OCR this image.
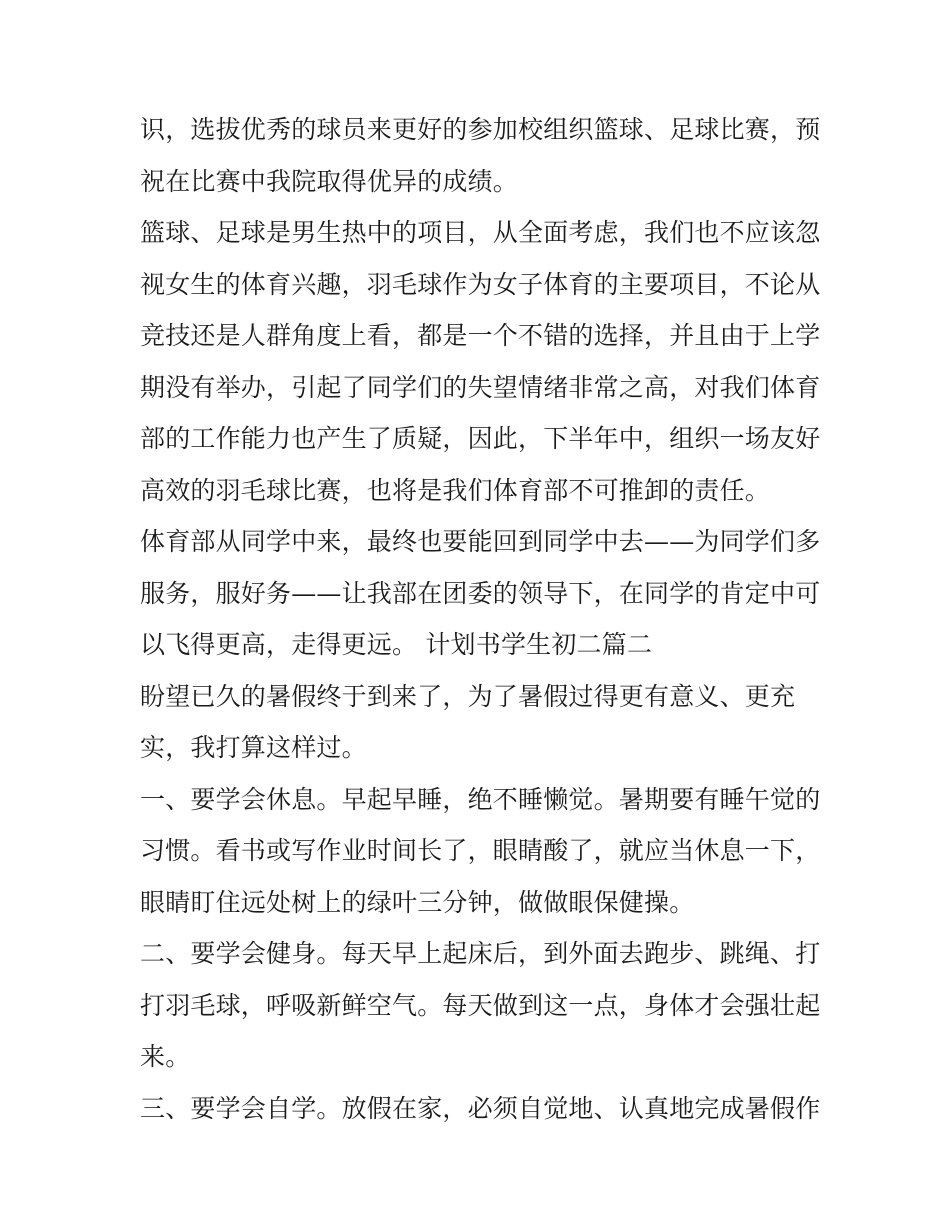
识，选拔优秀的球员来更好的参加校组织篮球、足球比赛，预
祝在比赛中我院取得优异的成绩。
篮球、足球是男生热中的项目，从全面考虑，我们也不应该忽
视女生的体育兴趣，羽毛球作为女子体育的主要项目，不论从
竞技还是人群角度上看，都是一个不错的选择，并且由于上学
期没有举办，引起了同学们的失望情绪非常之高，对我们体育
部的工作能力也产生了质疑，因此，下半年中，组织一场友好
高效的羽毛球比赛，也将是我们体育部不可推卸的责任。
体育部从同学中来，最终也要能回到同学中去——为同学们多
服务，服好务——让我部在团委的领导下，在同学的肯定中可
以飞得更高，走得更远。 计划书学生初二篇二
盼望已久的暑假终于到来了，为了暑假过得更有意义、更充
实，我打算这样过。
一、要学会休息。早起早睡，绝不睡懒觉。暑期要有睡午觉的
习惯。看书或写作业时间长了，眼睛酸了，就应当休息一下，
眼睛盯住远处树上的绿叶三分钟，做做眼保健操。
二、要学会健身。每天早上起床后，到外面去跑步、跳绳、打
打羽毛球，呼吸新鲜空气。每天做到这一点，身体才会强壮起
来。
三、要学会自学。放假在家，必须自觉地、认真地完成暑假作
